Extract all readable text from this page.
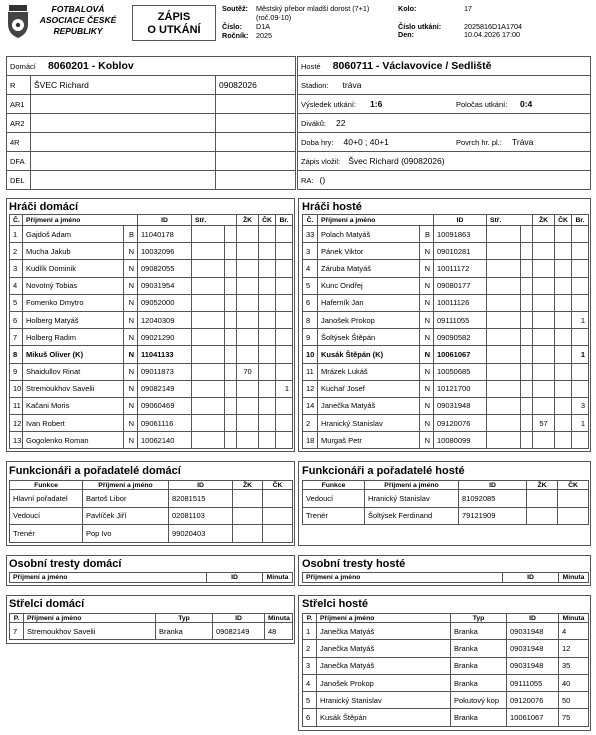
FOTBALOVÁ
ASOCIACE ČESKÉ
REPUBLIKY
ZÁPIS
O UTKÁNÍ
Soutěž:	Městský přebor mladší dorost (7+1) (roč.09-10)
Číslo:	D1A
Ročník:	2025
Kolo:	17
Číslo utkání:	2025816D1A1704
Den:	10.04.2026 17:00
Domácí 8060201 - Koblov		
R	ŠVEC Richard	09082026
AR1		
AR2		
4R		
DFA		
DEL		
Hosté 8060711 - Václavovice / Sedliště
Stadion: tráva
Výsledek utkání: 1:6	Poločas utkání: 0:4

Diváků: 22
Doba hry: 40+0 ; 40+1	Povrch hr. pl.: Tráva

Zápis vložil: Švec Richard (09082026)
RA: ()
Hráči domácí
Č.	Příjmení a jméno		ID	Stř.		ŽK	ČK	Br.
1	Gajdoš Adam	B	11040178					
2	Mucha Jakub	N	10032096					
3	Kudlík Dominik	N	09082055					
4	Novotný Tobias	N	09031954					
5	Fomenko Dmytro	N	09052000					
6	Holberg Matyáš	N	12040309					
7	Holberg Radim	N	09021290					
8	Mikuš Oliver (K)	N	11041133					
9	Shaidullov Rinat	N	09011873			70		
10	Stremoukhov Savelii	N	09082149					1
11	Kačani Moris	N	09060469					
12	Ivan Robert	N	09061116					
13	Gogolenko Roman	N	10062140					
Hráči hosté
Č.	Příjmení a jméno		ID	Stř.		ŽK	ČK	Br.
33	Polach Matyáš	B	10091863					
3	Pánek Viktor	N	09010281					
4	Záruba Matyáš	N	10011172					
5	Kunc Ondřej	N	09080177					
6	Haferník Jan	N	10011126					
8	Janošek Prokop	N	09111055					1
9	Šoltýsek Štěpán	N	09090582					
10	Kusák Štěpán (K)	N	10061067					1
11	Mrázek Lukáš	N	10050685					
12	Kuchař Josef	N	10121700					
14	Janečka Matyáš	N	09031948					3
2	Hranický Stanislav	N	09120076			57		1
18	Murgaš Petr	N	10080099					
Funkcionáři a pořadatelé domácí
Funkce	Příjmení a jméno	ID	ŽK	ČK
Hlavní pořadatel	Bartoš Libor	82081515		
Vedoucí	Pavlíček Jiří	02081103		
Trenér	Pop Ivo	99020403		
Funkcionáři a pořadatelé hosté
Funkce	Příjmení a jméno	ID	ŽK	ČK
Vedoucí	Hranický Stanislav	81092085		
Trenér	Šoltýsek Ferdinand	79121909		
Osobní tresty domácí
Příjmení a jméno	ID	Minuta
Osobní tresty hosté
Příjmení a jméno	ID	Minuta
Střelci domácí
P.	Příjmení a jméno	Typ	ID	Minuta
7	Stremoukhov Savelii	Branka	09082149	48
Střelci hosté
P.	Příjmení a jméno	Typ	ID	Minuta
1	Janečka Matyáš	Branka	09031948	4
2	Janečka Matyáš	Branka	09031948	12
3	Janečka Matyáš	Branka	09031948	35
4	Janošek Prokop	Branka	09111055	40
5	Hranický Stanislav	Pokutový kop	09120076	50
6	Kusák Štěpán	Branka	10061067	75
